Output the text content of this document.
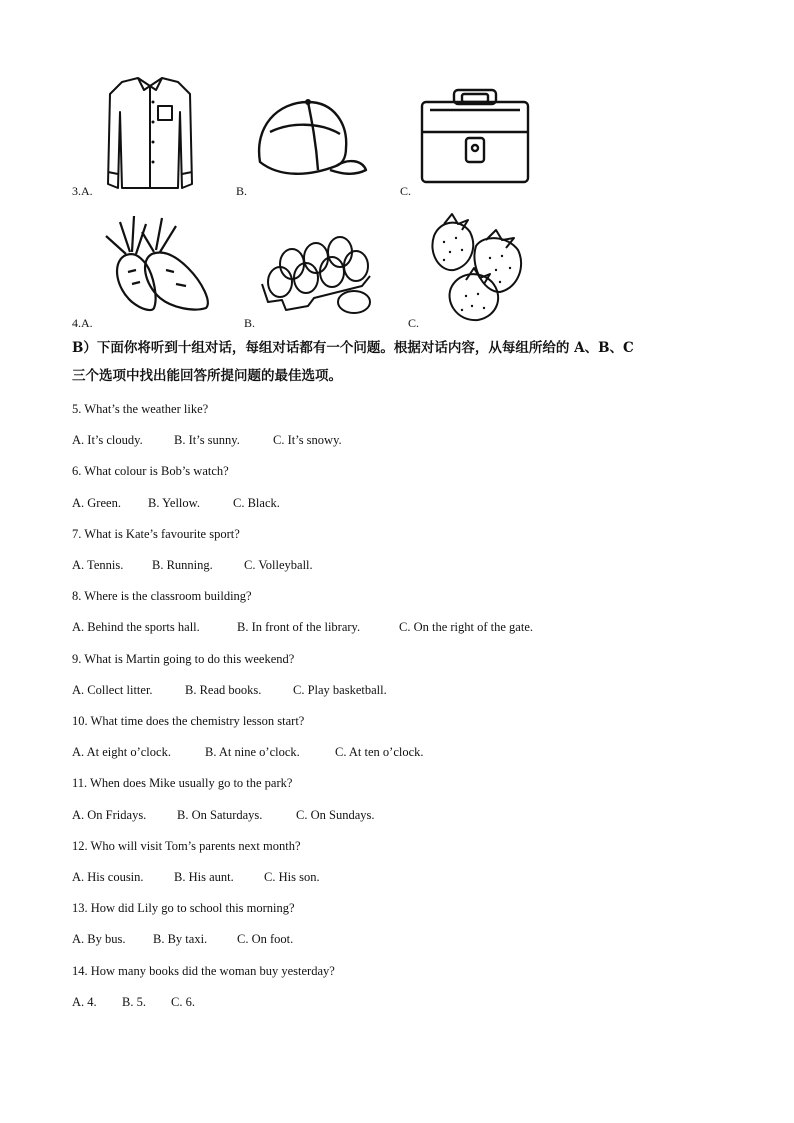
3.A.	B.	C.
4.A.	B.	C.
B）下面你将听到十组对话，每组对话都有一个问题。根据对话内容，从每组所给的 A、B、C
三个选项中找出能回答所提问题的最佳选项。
5. What’s the weather like?
A. It’s cloudy.	B. It’s sunny.	C. It’s snowy.
6. What colour is Bob’s watch?
A. Green. B. Yellow.	C. Black.
7. What is Kate’s favourite sport?
A. Tennis. B. Running. C. Volleyball.
8. Where is the classroom building?
A. Behind the sports hall.	B. In front of the library.	C. On the right of the gate.
9. What is Martin going to do this weekend?
A. Collect litter.	B. Read books.	C. Play basketball.
10. What time does the chemistry lesson start?
A. At eight o’clock.	B. At nine o’clock.	C. At ten o’clock.
11. When does Mike usually go to the park?
A. On Fridays. B. On Saturdays.	C. On Sundays.
12. Who will visit Tom’s parents next month?
A. His cousin. B. His aunt. C. His son.
13. How did Lily go to school this morning?
A. By bus. B. By taxi. C. On foot.
14. How many books did the woman buy yesterday?
A. 4. B. 5. C. 6.
